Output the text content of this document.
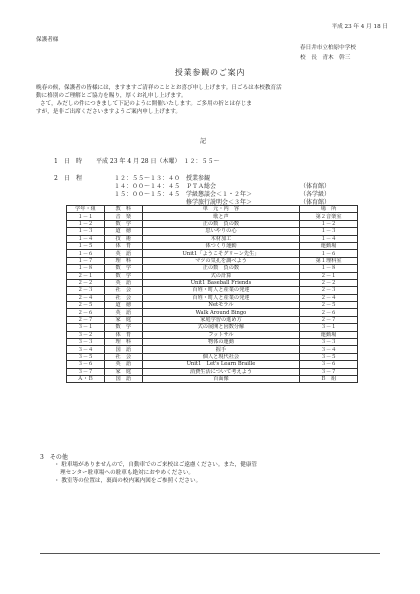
平成 23 年 4 月 18 日
保護者様
春日井市立柏原中学校
校　長　青木　幹三
授業参観のご案内
晩春の候，保護者の皆様には，ますますご清祥のこととお喜び申し上げます。日ごろは本校教育活
動に格別のご理解とご協力を賜り，厚くお礼申し上げます。
さて，みだしの件につきまして下記のように開催いたします。ご多用の折とは存じま
すが，是非ご出席くださいますようご案内申し上げます。
記
1 日　時 平成 23 年 4 月 28 日（木曜）　１２：５５～
2 日　程	１２：５５～１３：４０　授業参観
１４：００～１４：４５　ＰＴＡ総会	（体育館）
１５：００～１５：４５　学級懇談会＜１・２年＞	（各学級）
　　　　　　　　　　　　修学旅行説明会＜３年＞	（体育館）
学年・組	教　科	単　元・内　容	場　所
１－１	音　楽	歌と声	第２音楽室
１－２	数　学	正の数　負の数	１－２
１－３	道　徳	思いやりの心	１－３
１－４	技　術	木材加工	１－４
１－５	体　育	体つくり運動	運動場
１－６	英　語	Unit1「ようこそグリーン先生」	１－６
１－７	理　科	マツの気孔を調べよう	第１理科室
１－８	数　学	正の数　負の数	１－８
２－１	数　学	式の計算	２－１
２－２	英　語	Unit1 Baseball Friends	２－２
２－３	社　会	百姓・町人と産業の発達	２－３
２－４	社　会	百姓・町人と産業の発達	２－４
２－５	道　徳	Netモラル	２－５
２－６	英　語	Walk Around Bingo	２－６
２－７	家　庭	家庭学習の進め方	２－７
３－１	数　学	式の展開と因数分解	３－１
３－２	体　育	フットサル	運動場
３－３	理　科	物体の運動	３－３
３－４	国　語	握手	３－４
３－５	社　会	個人と現代社会	３－５
３－６	英　語	Unit1　Let's Learn Braille	３－６
３－７	家　庭	消費生活について考えよう	３－７
Ａ・Ｂ	国　語	百面像	Ｂ　組
3　その他
・ 駐車場がありませんので，自動車でのご来校はご遠慮ください。また，健康管
理センター駐車場への駐車も絶対におやめください。
・ 教室等の位置は，裏面の校内案内図をご参照ください。
